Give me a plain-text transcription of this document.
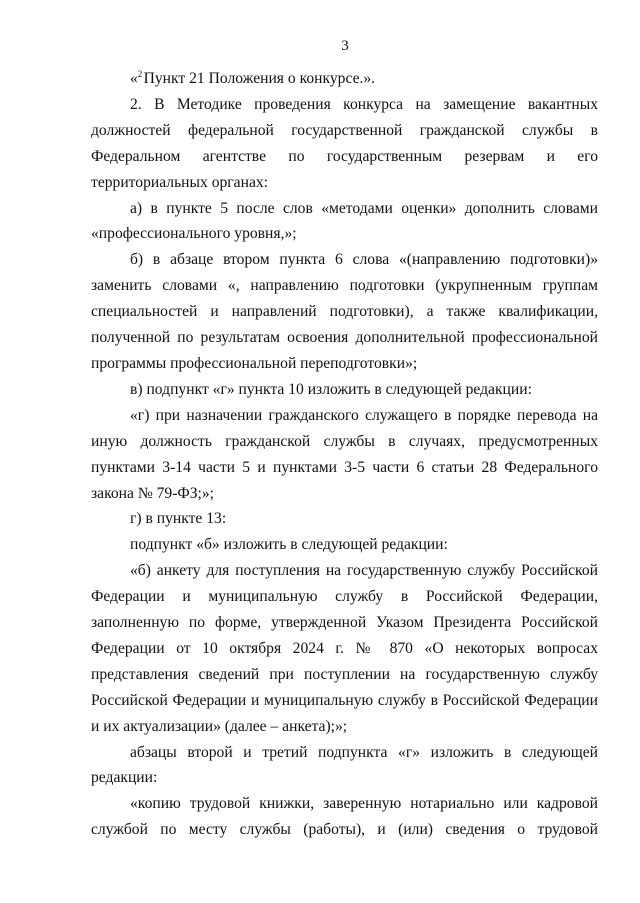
3

«$^2$ Пункт 21 Положения о конкурсе.».

2. В Методике проведения конкурса на замещение вакантных должностей федеральной государственной гражданской службы в Федеральном агентстве по государственным резервам и его территориальных органах:

а) в пункте 5 после слов «методами оценки» дополнить словами «профессионального уровня,»;

б) в абзаце втором пункта 6 слова «(направлению подготовки)» заменить словами «, направлению подготовки (укрупненным группам специальностей и направлений подготовки), а также квалификации, полученной по результатам освоения дополнительной профессиональной программы профессиональной переподготовки»;

в) подпункт «г» пункта 10 изложить в следующей редакции:

«г) при назначении гражданского служащего в порядке перевода на иную должность гражданской службы в случаях, предусмотренных пунктами 3-14 части 5 и пунктами 3-5 части 6 статьи 28 Федерального закона № 79-ФЗ;»;

г) в пункте 13:

подпункт «б» изложить в следующей редакции:

«б) анкету для поступления на государственную службу Российской Федерации и муниципальную службу в Российской Федерации, заполненную по форме, утвержденной Указом Президента Российской Федерации от 10 октября 2024 г. № 870 «О некоторых вопросах представления сведений при поступлении на государственную службу Российской Федерации и муниципальную службу в Российской Федерации и их актуализации» (далее – анкета);»;

абзацы второй и третий подпункта «г» изложить в следующей редакции:

«копию трудовой книжки, заверенную нотариально или кадровой службой по месту службы (работы), и (или) сведения о трудовой
